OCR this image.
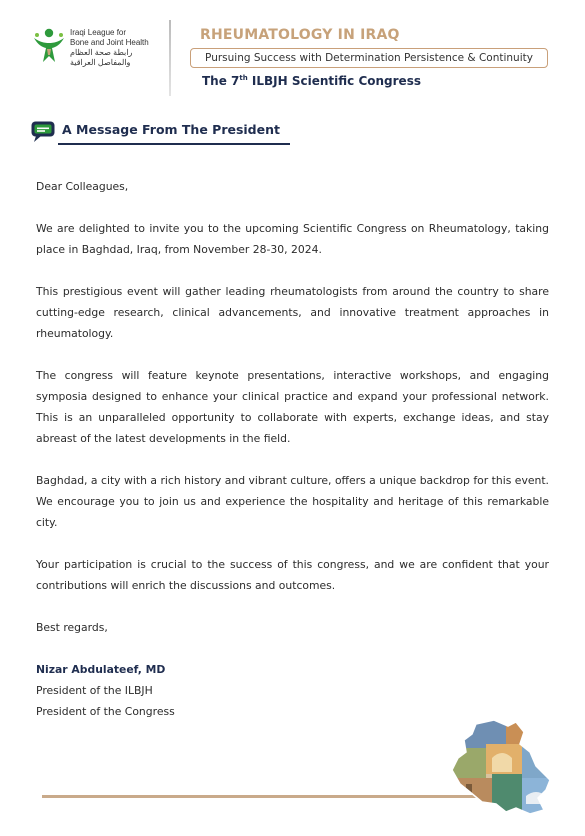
Iraqi League for
Bone and Joint Health
رابطة صحة العظام
والمفاصل العراقية
RHEUMATOLOGY IN IRAQ
Pursuing Success with Determination Persistence & Continuity
The 7th ILBJH Scientific Congress
A Message From The President

Dear Colleagues,

We are delighted to invite you to the upcoming Scientific Congress on Rheumatology, taking place in Baghdad, Iraq, from November 28-30, 2024.

This prestigious event will gather leading rheumatologists from around the country to share cutting-edge research, clinical advancements, and innovative treatment approaches in rheumatology.

The congress will feature keynote presentations, interactive workshops, and engaging symposia designed to enhance your clinical practice and expand your professional network. This is an unparalleled opportunity to collaborate with experts, exchange ideas, and stay abreast of the latest developments in the field.

Baghdad, a city with a rich history and vibrant culture, offers a unique backdrop for this event. We encourage you to join us and experience the hospitality and heritage of this remarkable city.

Your participation is crucial to the success of this congress, and we are confident that your contributions will enrich the discussions and outcomes.

Best regards,

Nizar Abdulateef, MD
President of the ILBJH
President of the Congress
